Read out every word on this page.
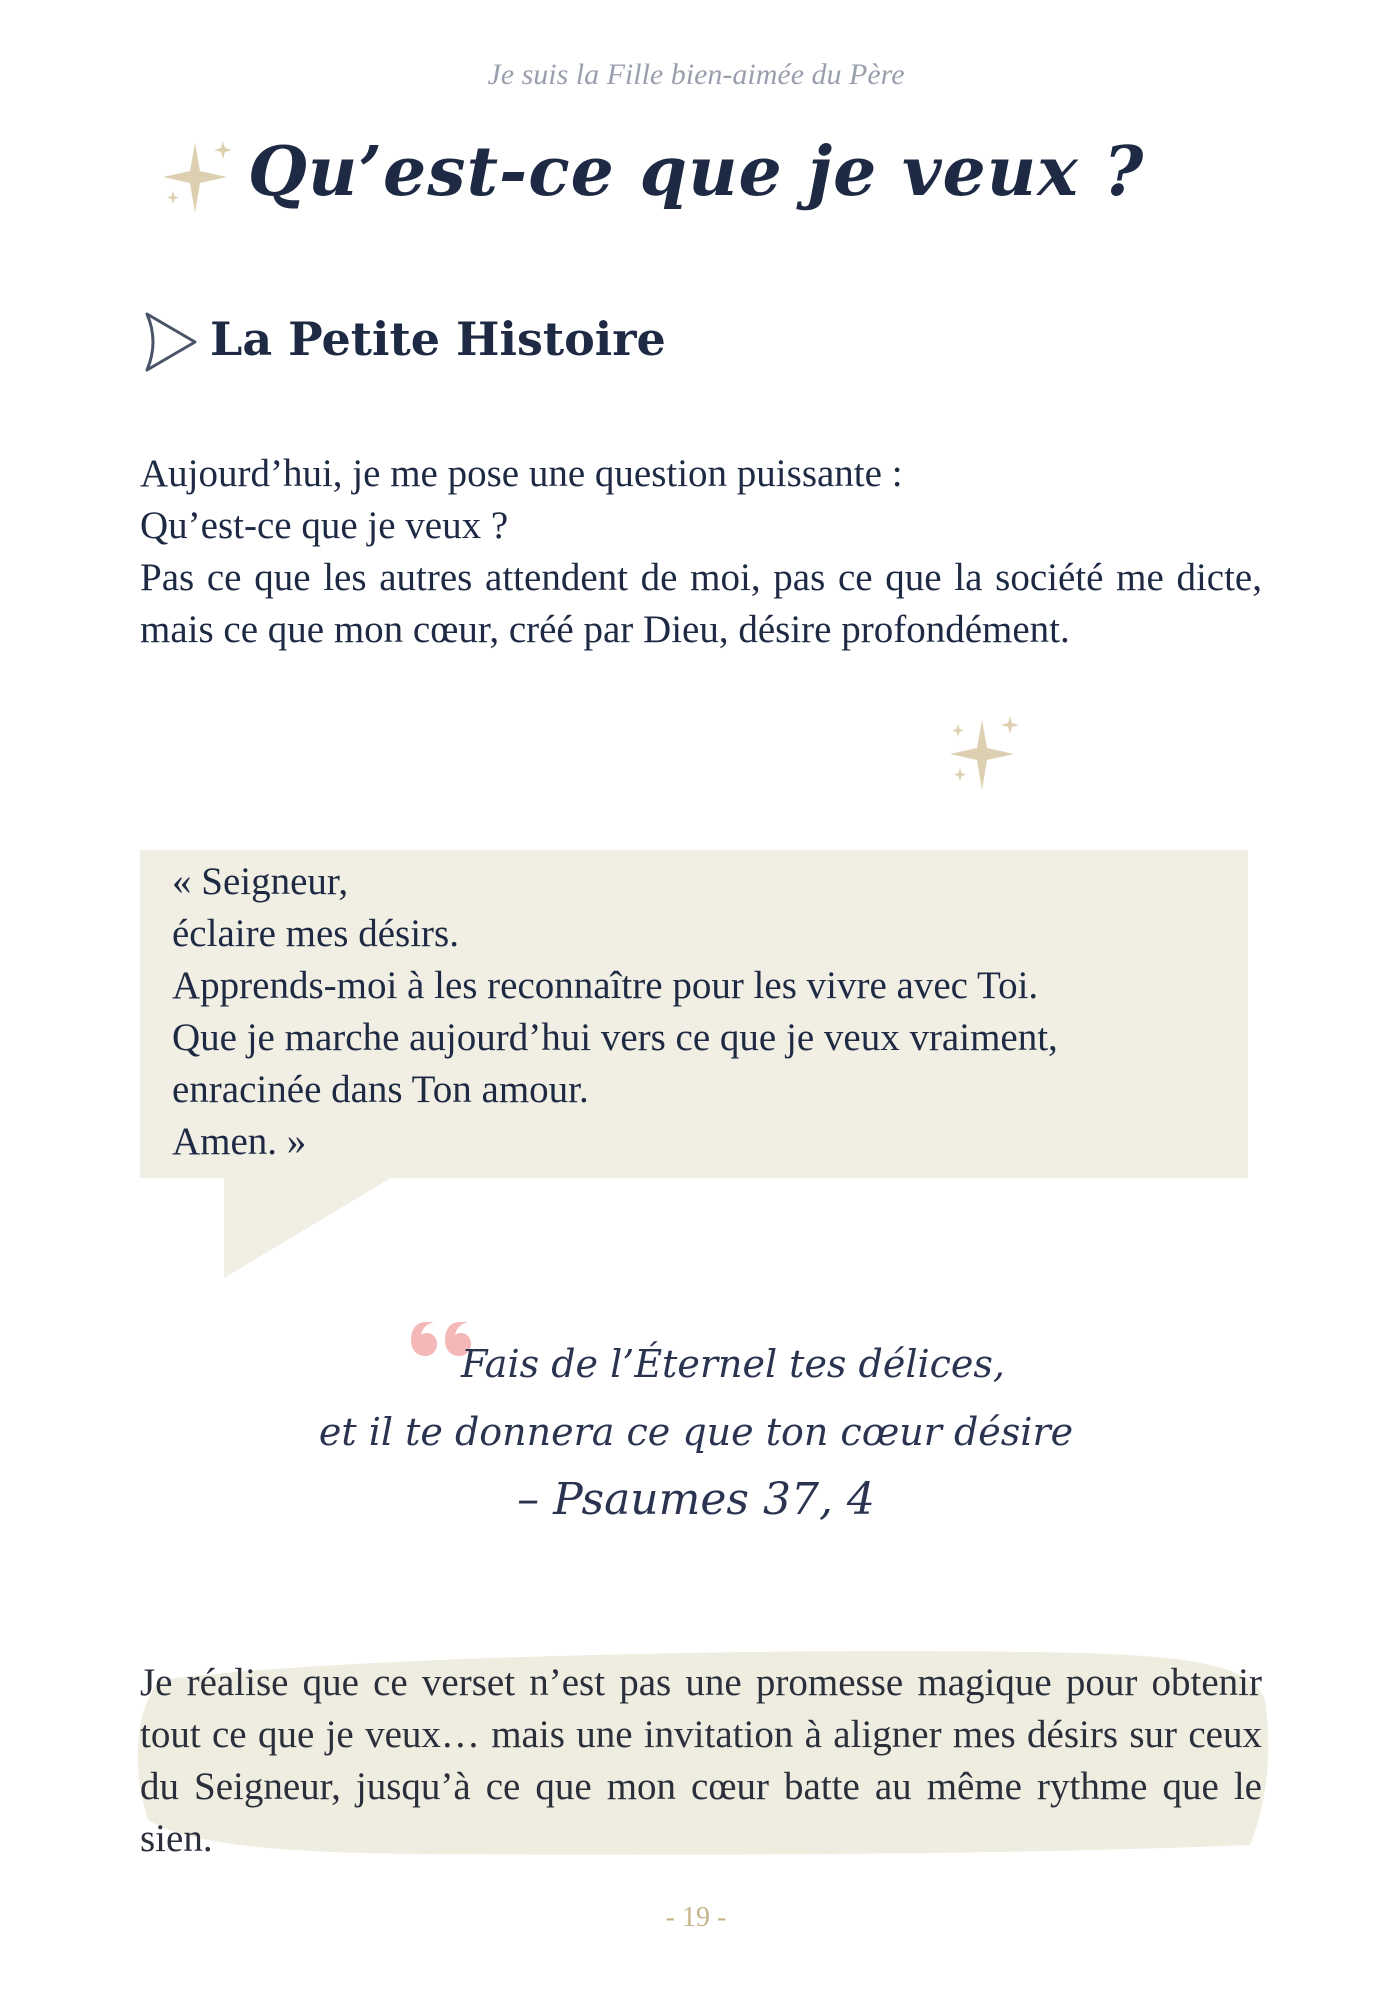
Je suis la Fille bien-aimée du Père
Qu’est-ce que je veux ?
La Petite Histoire
Aujourd’hui, je me pose une question puissante :
Qu’est-ce que je veux ?
Pas ce que les autres attendent de moi, pas ce que la société me dicte, mais ce que mon cœur, créé par Dieu, désire profondément.
« Seigneur,
éclaire mes désirs.
Apprends-moi à les reconnaître pour les vivre avec Toi.
Que je marche aujourd’hui vers ce que je veux vraiment,
enracinée dans Ton amour.
Amen. »
Fais de l’Éternel tes délices,
et il te donnera ce que ton cœur désire
– Psaumes 37, 4

Je réalise que ce verset n’est pas une promesse magique pour obtenir tout ce que je veux… mais une invitation à aligner mes désirs sur ceux du Seigneur, jusqu’à ce que mon cœur batte au même rythme que le sien.

- 19 -
